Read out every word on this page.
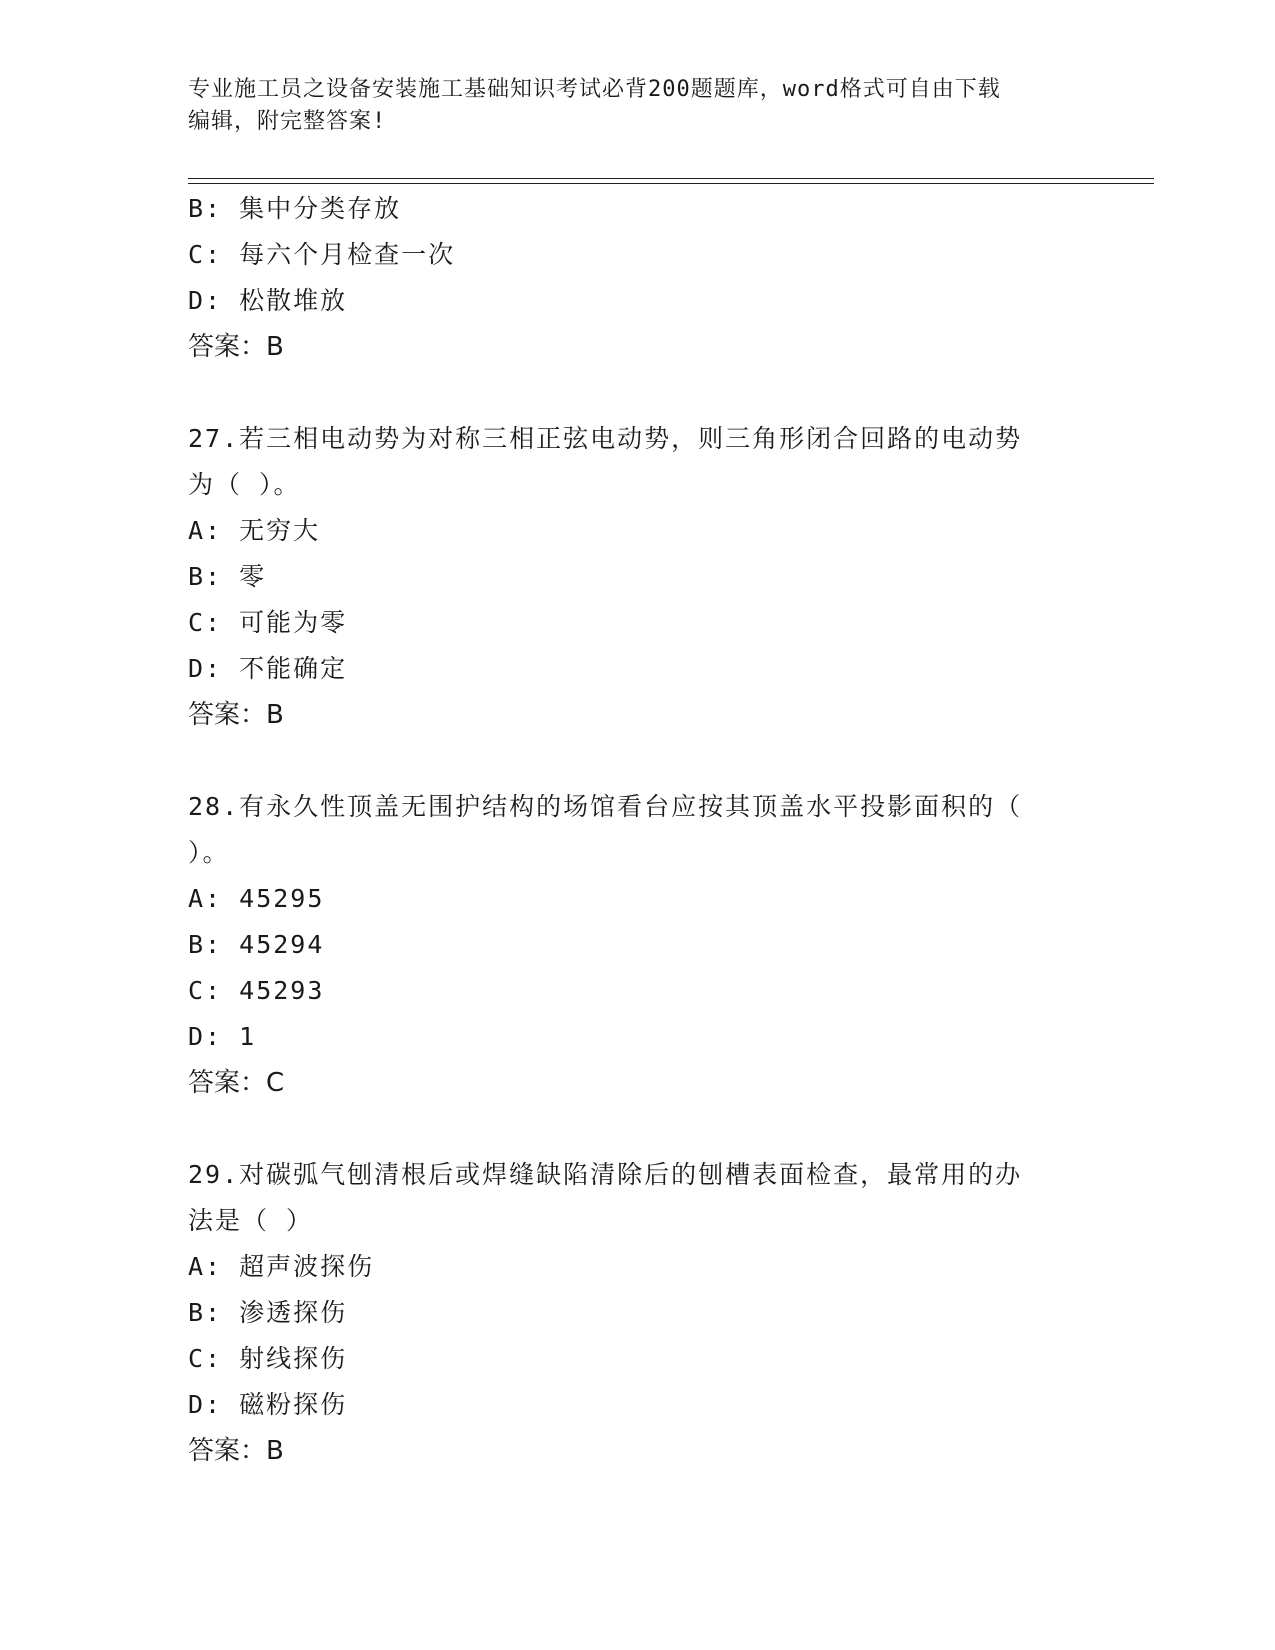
专业施工员之设备安装施工基础知识考试必背200题题库，word格式可自由下载
编辑，附完整答案!
B: 集中分类存放
C: 每六个月检查一次
D: 松散堆放
答案：B
27.若三相电动势为对称三相正弦电动势，则三角形闭合回路的电动势
为（ ）。
A: 无穷大
B: 零
C: 可能为零
D: 不能确定
答案：B
28.有永久性顶盖无围护结构的场馆看台应按其顶盖水平投影面积的（
）。
A: 45295
B: 45294
C: 45293
D: 1
答案：C
29.对碳弧气刨清根后或焊缝缺陷清除后的刨槽表面检查，最常用的办
法是（ ）
A: 超声波探伤
B: 渗透探伤
C: 射线探伤
D: 磁粉探伤
答案：B
